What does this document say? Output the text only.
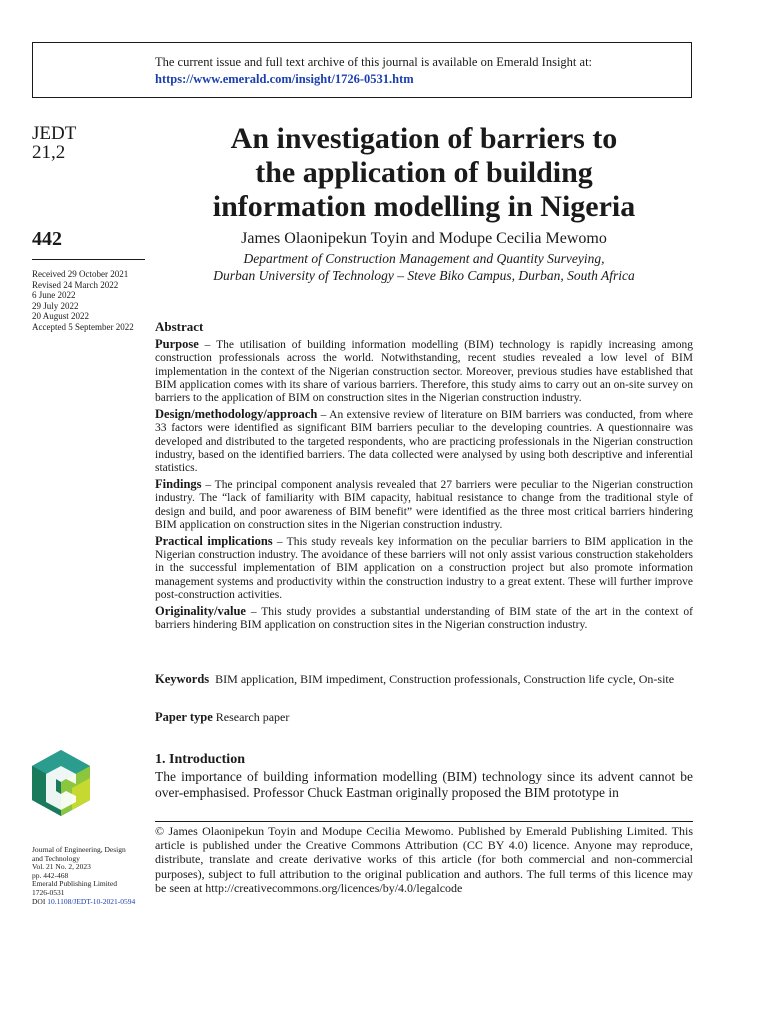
The current issue and full text archive of this journal is available on Emerald Insight at:
https://www.emerald.com/insight/1726-0531.htm
JEDT
21,2
442
Received 29 October 2021
Revised 24 March 2022
6 June 2022
29 July 2022
20 August 2022
Accepted 5 September 2022
An investigation of barriers to
the application of building
information modelling in Nigeria
James Olaonipekun Toyin and Modupe Cecilia Mewomo
Department of Construction Management and Quantity Surveying,
Durban University of Technology – Steve Biko Campus, Durban, South Africa
Abstract

Purpose – The utilisation of building information modelling (BIM) technology is rapidly increasing among construction professionals across the world. Notwithstanding, recent studies revealed a low level of BIM implementation in the context of the Nigerian construction sector. Moreover, previous studies have established that BIM application comes with its share of various barriers. Therefore, this study aims to carry out an on-site survey on barriers to the application of BIM on construction sites in the Nigerian construction industry.

Design/methodology/approach – An extensive review of literature on BIM barriers was conducted, from where 33 factors were identified as significant BIM barriers peculiar to the developing countries. A questionnaire was developed and distributed to the targeted respondents, who are practicing professionals in the Nigerian construction industry, based on the identified barriers. The data collected were analysed by using both descriptive and inferential statistics.

Findings – The principal component analysis revealed that 27 barriers were peculiar to the Nigerian construction industry. The “lack of familiarity with BIM capacity, habitual resistance to change from the traditional style of design and build, and poor awareness of BIM benefit” were identified as the three most critical barriers hindering BIM application on construction sites in the Nigerian construction industry.

Practical implications – This study reveals key information on the peculiar barriers to BIM application in the Nigerian construction industry. The avoidance of these barriers will not only assist various construction stakeholders in the successful implementation of BIM application on a construction project but also promote information management systems and productivity within the construction industry to a great extent. These will further improve post-construction activities.

Originality/value – This study provides a substantial understanding of BIM state of the art in the context of barriers hindering BIM application on construction sites in the Nigerian construction industry.

Keywords BIM application, BIM impediment, Construction professionals, Construction life cycle, On-site
Paper type Research paper
1. Introduction
The importance of building information modelling (BIM) technology since its advent cannot be over-emphasised. Professor Chuck Eastman originally proposed the BIM prototype in
© James Olaonipekun Toyin and Modupe Cecilia Mewomo. Published by Emerald Publishing Limited. This article is published under the Creative Commons Attribution (CC BY 4.0) licence. Anyone may reproduce, distribute, translate and create derivative works of this article (for both commercial and non-commercial purposes), subject to full attribution to the original publication and authors. The full terms of this licence may be seen at http://creativecommons.org/licences/by/4.0/legalcode
Journal of Engineering, Design
and Technology
Vol. 21 No. 2, 2023
pp. 442-468
Emerald Publishing Limited
1726-0531
DOI 10.1108/JEDT-10-2021-0594
